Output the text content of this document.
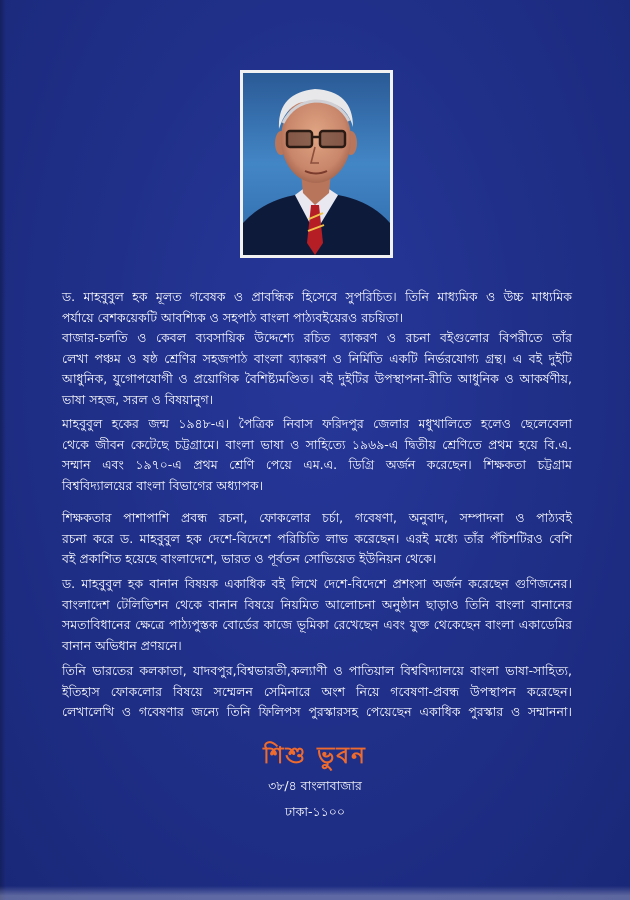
ড. মাহবুবুল হক মূলত গবেষক ও প্রাবন্ধিক হিসেবে সুপরিচিত। তিনি মাধ্যমিক ও উচ্চ মাধ্যমিক
পর্যায়ে বেশকয়েকটি আবশ্যিক ও সহপাঠ বাংলা পাঠ্যবইয়েরও রচয়িতা।
বাজার-চলতি ও কেবল ব্যবসায়িক উদ্দেশ্যে রচিত ব্যাকরণ ও রচনা বইগুলোর বিপরীতে তাঁর
লেখা পঞ্চম ও ষষ্ঠ শ্রেণির সহজপাঠ বাংলা ব্যাকরণ ও নির্মিতি একটি নির্ভরযোগ্য গ্রন্থ। এ বই দুইটি
আধুনিক, যুগোপযোগী ও প্রয়োগিক বৈশিষ্ট্যমণ্ডিত। বই দুইটির উপস্থাপনা-রীতি আধুনিক ও আকর্ষণীয়,
ভাষা সহজ, সরল ও বিষয়ানুগ।
মাহবুবুল হকের জন্ম ১৯৪৮-এ। পৈত্রিক নিবাস ফরিদপুর জেলার মধুখালিতে হলেও ছেলেবেলা
থেকে জীবন কেটেছে চট্টগ্রামে। বাংলা ভাষা ও সাহিত্যে ১৯৬৯-এ দ্বিতীয় শ্রেণিতে প্রথম হয়ে বি.এ.
সম্মান এবং ১৯৭০-এ প্রথম শ্রেণি পেয়ে এম.এ. ডিগ্রি অর্জন করেছেন। শিক্ষকতা চট্টগ্রাম
বিশ্ববিদ্যালয়ের বাংলা বিভাগের অধ্যাপক।
শিক্ষকতার পাশাপাশি প্রবন্ধ রচনা, ফোকলোর চর্চা, গবেষণা, অনুবাদ, সম্পাদনা ও পাঠ্যবই
রচনা করে ড. মাহবুবুল হক দেশে-বিদেশে পরিচিতি লাভ করেছেন। এরই মধ্যে তাঁর পঁচিশটিরও বেশি
বই প্রকাশিত হয়েছে বাংলাদেশে, ভারত ও পূর্বতন সোভিয়েত ইউনিয়ন থেকে।
ড. মাহবুবুল হক বানান বিষয়ক একাধিক বই লিখে দেশে-বিদেশে প্রশংসা অর্জন করেছেন গুণিজনের।
বাংলাদেশ টেলিভিশন থেকে বানান বিষয়ে নিয়মিত আলোচনা অনুষ্ঠান ছাড়াও তিনি বাংলা বানানের
সমতাবিধানের ক্ষেত্রে পাঠ্যপুস্তক বোর্ডের কাজে ভূমিকা রেখেছেন এবং যুক্ত থেকেছেন বাংলা একাডেমির
বানান অভিধান প্রণয়নে।
তিনি ভারতের কলকাতা, যাদবপুর,বিশ্বভারতী,কল্যাণী ও পাতিয়াল বিশ্ববিদ্যালয়ে বাংলা ভাষা-সাহিত্য,
ইতিহাস ফোকলোর বিষয়ে সম্মেলন সেমিনারে অংশ নিয়ে গবেষণা-প্রবন্ধ উপস্থাপন করেছেন।
লেখালেখি ও গবেষণার জন্যে তিনি ফিলিপস পুরস্কারসহ পেয়েছেন একাধিক পুরস্কার ও সম্মাননা।
শিশু ভুবন
৩৮/৪ বাংলাবাজার
ঢাকা-১১০০
